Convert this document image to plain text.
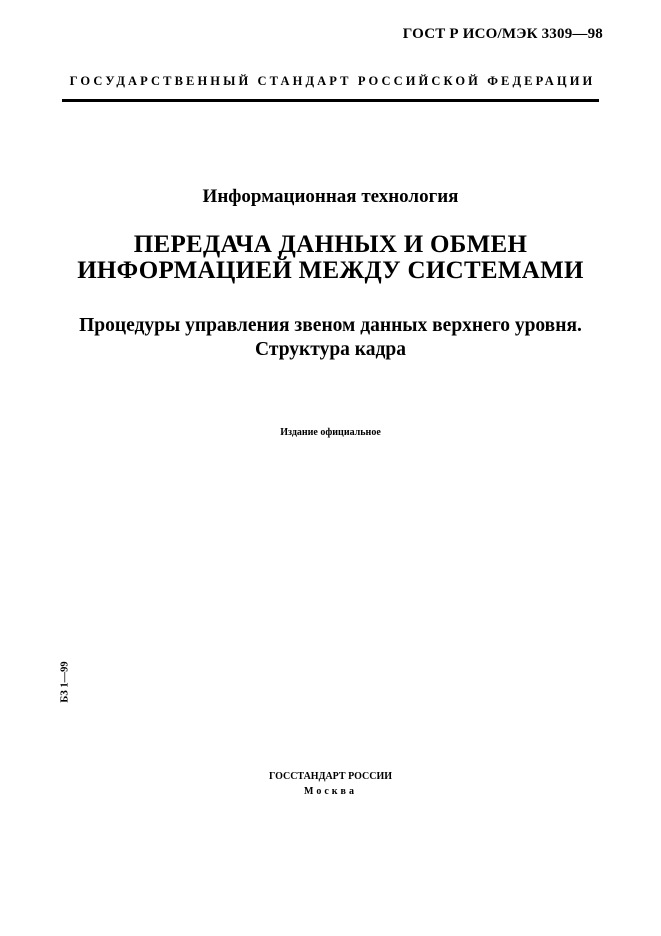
ГОСТ Р ИСО/МЭК 3309—98
ГОСУДАРСТВЕННЫЙ СТАНДАРТ РОССИЙСКОЙ ФЕДЕРАЦИИ
Информационная технология
ПЕРЕДАЧА ДАННЫХ И ОБМЕН
ИНФОРМАЦИЕЙ МЕЖДУ СИСТЕМАМИ
Процедуры управления звеном данных верхнего уровня.
Структура кадра
Издание официальное
БЗ 1—99
ГОССТАНДАРТ РОССИИ
Москва
